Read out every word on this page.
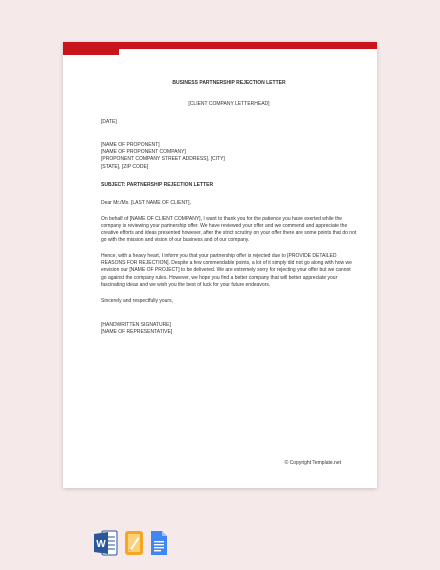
BUSINESS PARTNERSHIP REJECTION LETTER

[CLIENT COMPANY LETTERHEAD]

[DATE]

[NAME OF PROPONENT]

[NAME OF PROPONENT COMPANY]

[PROPONENT COMPANY STREET ADDRESS], [CITY]

[STATE], [ZIP CODE]

SUBJECT: PARTNERSHIP REJECTION LETTER

Dear Mr./Ms. [LAST NAME OF CLIENT],

On behalf of [NAME OF CLIENT COMPANY], I want to thank you for the patience you have exerted while the company is reviewing your partnership offer. We have reviewed your offer and we commend and appreciate the creative efforts and ideas presented however, after the strict scrutiny on your offer there are some points that do not go with the mission and vision of our business and of our company.

Hence, with a heavy heart, I inform you that your partnership offer is rejected due to [PROVIDE DETAILED REASONS FOR REJECTION]. Despite a few commendable points, a lot of it simply did not go along with how we envision our [NAME OF PROJECT] to be delivered. We are extremely sorry for rejecting your offer but we cannot go against the company rules. However, we hope you find a better company that will better appreciate your fascinating ideas and we wish you the best of luck for your future endeavors.

Sincerely and respectfully yours,

[HANDWRITTEN SIGNATURE]

[NAME OF REPRESENTATIVE]

© Copyright Template.net
W
